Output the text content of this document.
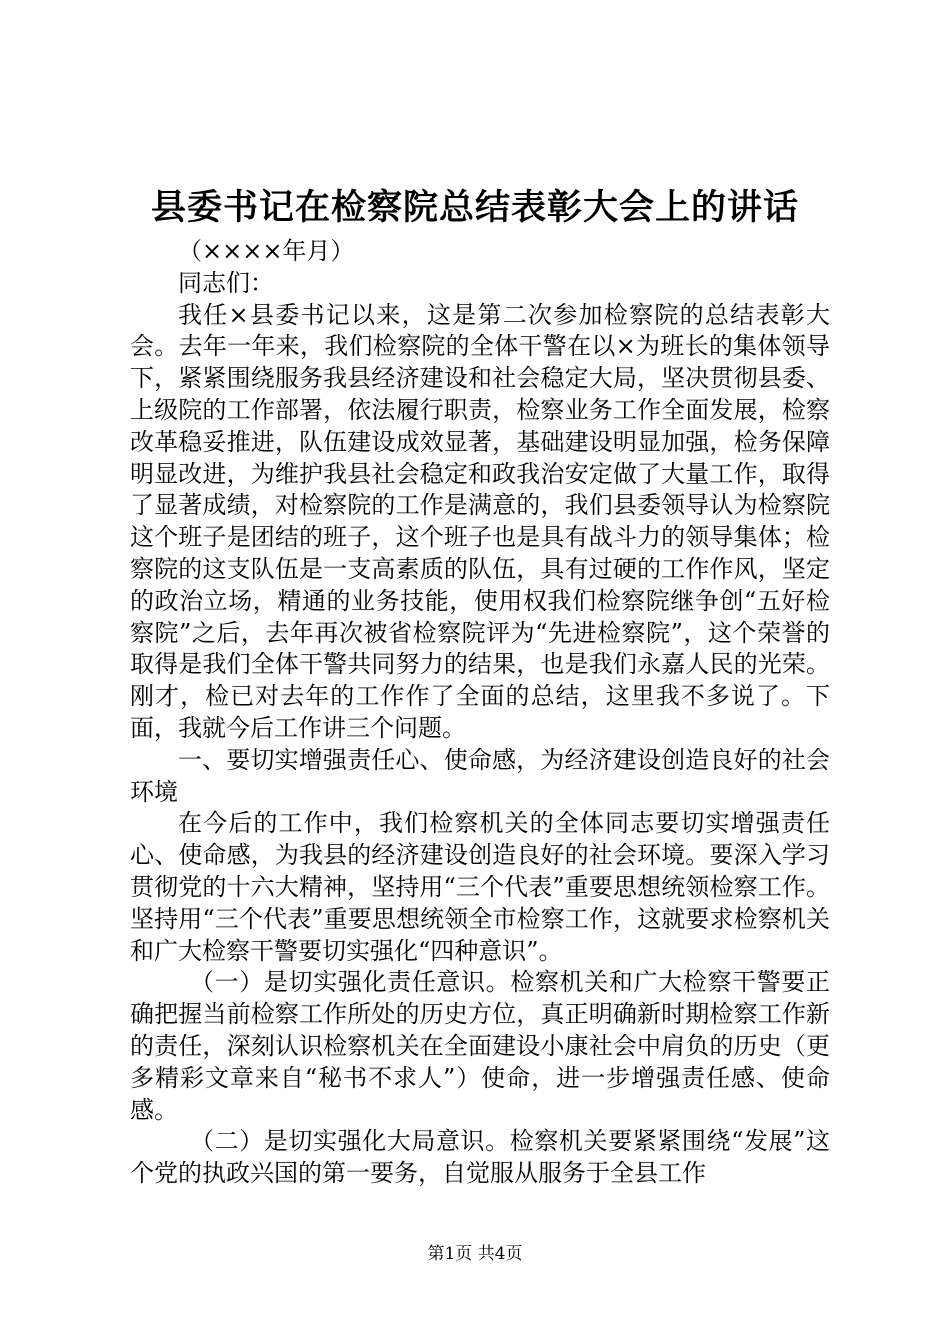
县委书记在检察院总结表彰大会上的讲话

（××××年月）

同志们：

我任×县委书记以来，这是第二次参加检察院的总结表彰大会。去年一年来，我们检察院的全体干警在以×为班长的集体领导下，紧紧围绕服务我县经济建设和社会稳定大局，坚决贯彻县委、上级院的工作部署，依法履行职责，检察业务工作全面发展，检察改革稳妥推进，队伍建设成效显著，基础建设明显加强，检务保障明显改进，为维护我县社会稳定和政我治安定做了大量工作，取得了显著成绩，对检察院的工作是满意的，我们县委领导认为检察院这个班子是团结的班子，这个班子也是具有战斗力的领导集体；检察院的这支队伍是一支高素质的队伍，具有过硬的工作作风，坚定的政治立场，精通的业务技能，使用权我们检察院继争创“五好检察院”之后，去年再次被省检察院评为“先进检察院”，这个荣誉的取得是我们全体干警共同努力的结果，也是我们永嘉人民的光荣。刚才，检已对去年的工作作了全面的总结，这里我不多说了。下面，我就今后工作讲三个问题。

一、要切实增强责任心、使命感，为经济建设创造良好的社会环境

在今后的工作中，我们检察机关的全体同志要切实增强责任心、使命感，为我县的经济建设创造良好的社会环境。要深入学习贯彻党的十六大精神，坚持用“三个代表”重要思想统领检察工作。坚持用“三个代表”重要思想统领全市检察工作，这就要求检察机关和广大检察干警要切实强化“四种意识”。

（一）是切实强化责任意识。检察机关和广大检察干警要正确把握当前检察工作所处的历史方位，真正明确新时期检察工作新的责任，深刻认识检察机关在全面建设小康社会中肩负的历史（更多精彩文章来自“秘书不求人”）使命，进一步增强责任感、使命感。

（二）是切实强化大局意识。检察机关要紧紧围绕“发展”这个党的执政兴国的第一要务，自觉服从服务于全县工作

第1页 共4页
